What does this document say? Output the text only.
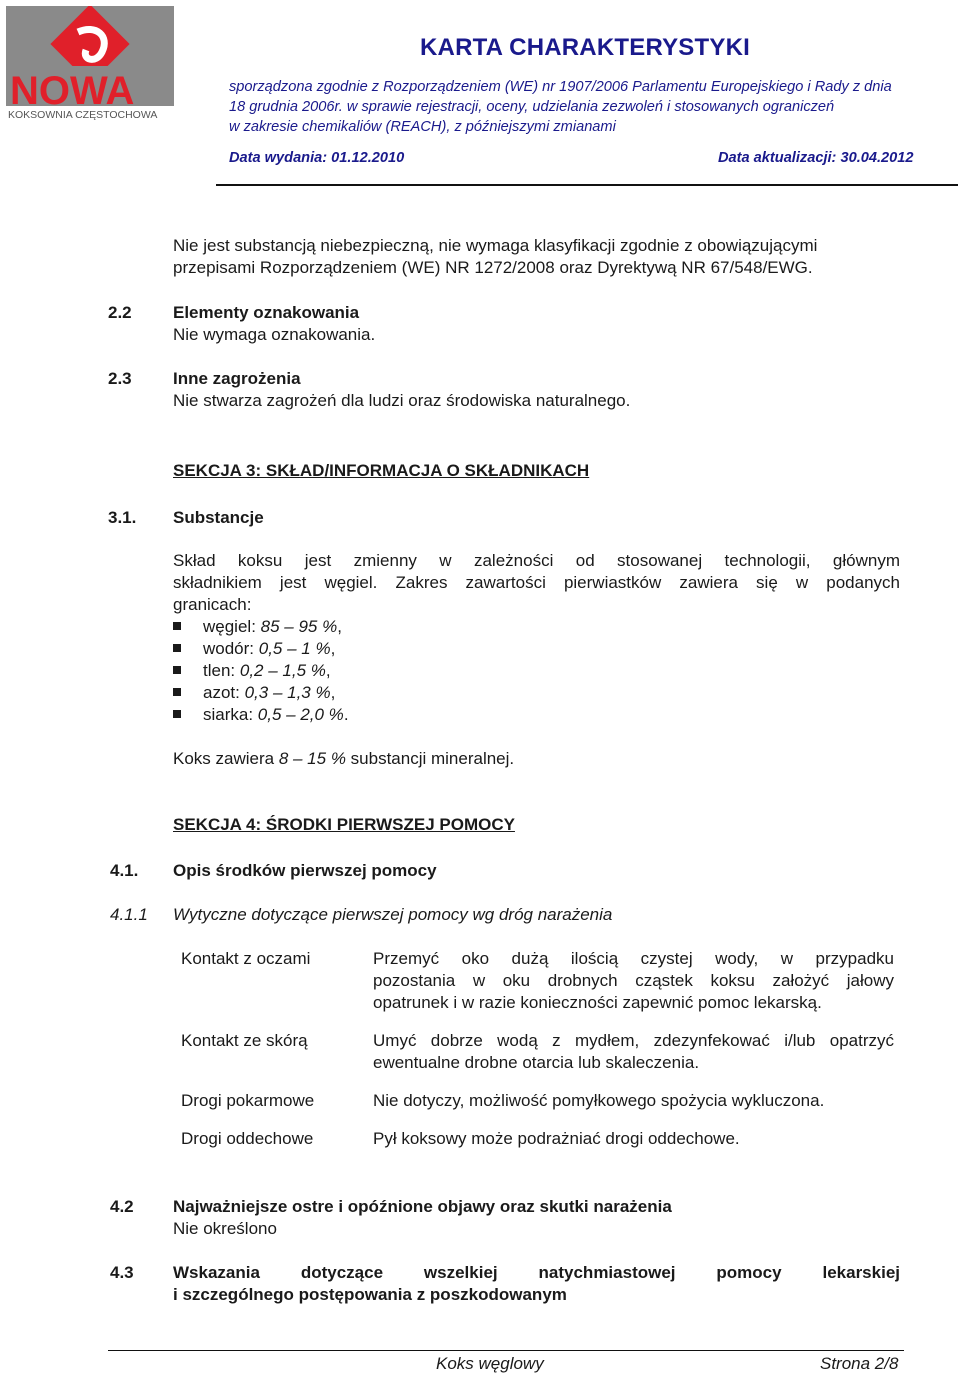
NOWA
KOKSOWNIA CZĘSTOCHOWA
KARTA CHARAKTERYSTYKI
sporządzona zgodnie z Rozporządzeniem (WE) nr 1907/2006 Parlamentu Europejskiego i Rady z dnia
18 grudnia 2006r. w sprawie rejestracji, oceny, udzielania zezwoleń i stosowanych ograniczeń
w zakresie chemikaliów (REACH), z późniejszymi zmianami
Data wydania: 01.12.2010	Data aktualizacji: 30.04.2012
Nie jest substancją niebezpieczną, nie wymaga klasyfikacji zgodnie z obowiązującymi
przepisami Rozporządzeniem (WE) NR 1272/2008 oraz Dyrektywą NR 67/548/EWG.
2.2 Elementy oznakowania
Nie wymaga oznakowania.
2.3 Inne zagrożenia
Nie stwarza zagrożeń dla ludzi oraz środowiska naturalnego.
SEKCJA 3: SKŁAD/INFORMACJA O SKŁADNIKACH
3.1. Substancje
Skład koksu jest zmienny w zależności od stosowanej technologii, głównym
składnikiem jest węgiel. Zakres zawartości pierwiastków zawiera się w podanych
granicach:
węgiel: 85 – 95 %,
wodór: 0,5 – 1 %,
tlen: 0,2 – 1,5 %,
azot: 0,3 – 1,3 %,
siarka: 0,5 – 2,0 %.
Koks zawiera 8 – 15 % substancji mineralnej.
SEKCJA 4: ŚRODKI PIERWSZEJ POMOCY
4.1. Opis środków pierwszej pomocy
4.1.1 Wytyczne dotyczące pierwszej pomocy wg dróg narażenia
Kontakt z oczami	Przemyć oko dużą ilością czystej wody, w przypadku
pozostania w oku drobnych cząstek koksu założyć jałowy
opatrunek i w razie konieczności zapewnić pomoc lekarską.
Kontakt ze skórą	Umyć dobrze wodą z mydłem, zdezynfekować i/lub opatrzyć
ewentualne drobne otarcia lub skaleczenia.
Drogi pokarmowe	Nie dotyczy, możliwość pomyłkowego spożycia wykluczona.
Drogi oddechowe	Pył koksowy może podrażniać drogi oddechowe.
4.2 Najważniejsze ostre i opóźnione objawy oraz skutki narażenia
Nie określono
4.3 Wskazania dotyczące wszelkiej natychmiastowej pomocy lekarskiej
i szczególnego postępowania z poszkodowanym
Koks węglowy	Strona 2/8
